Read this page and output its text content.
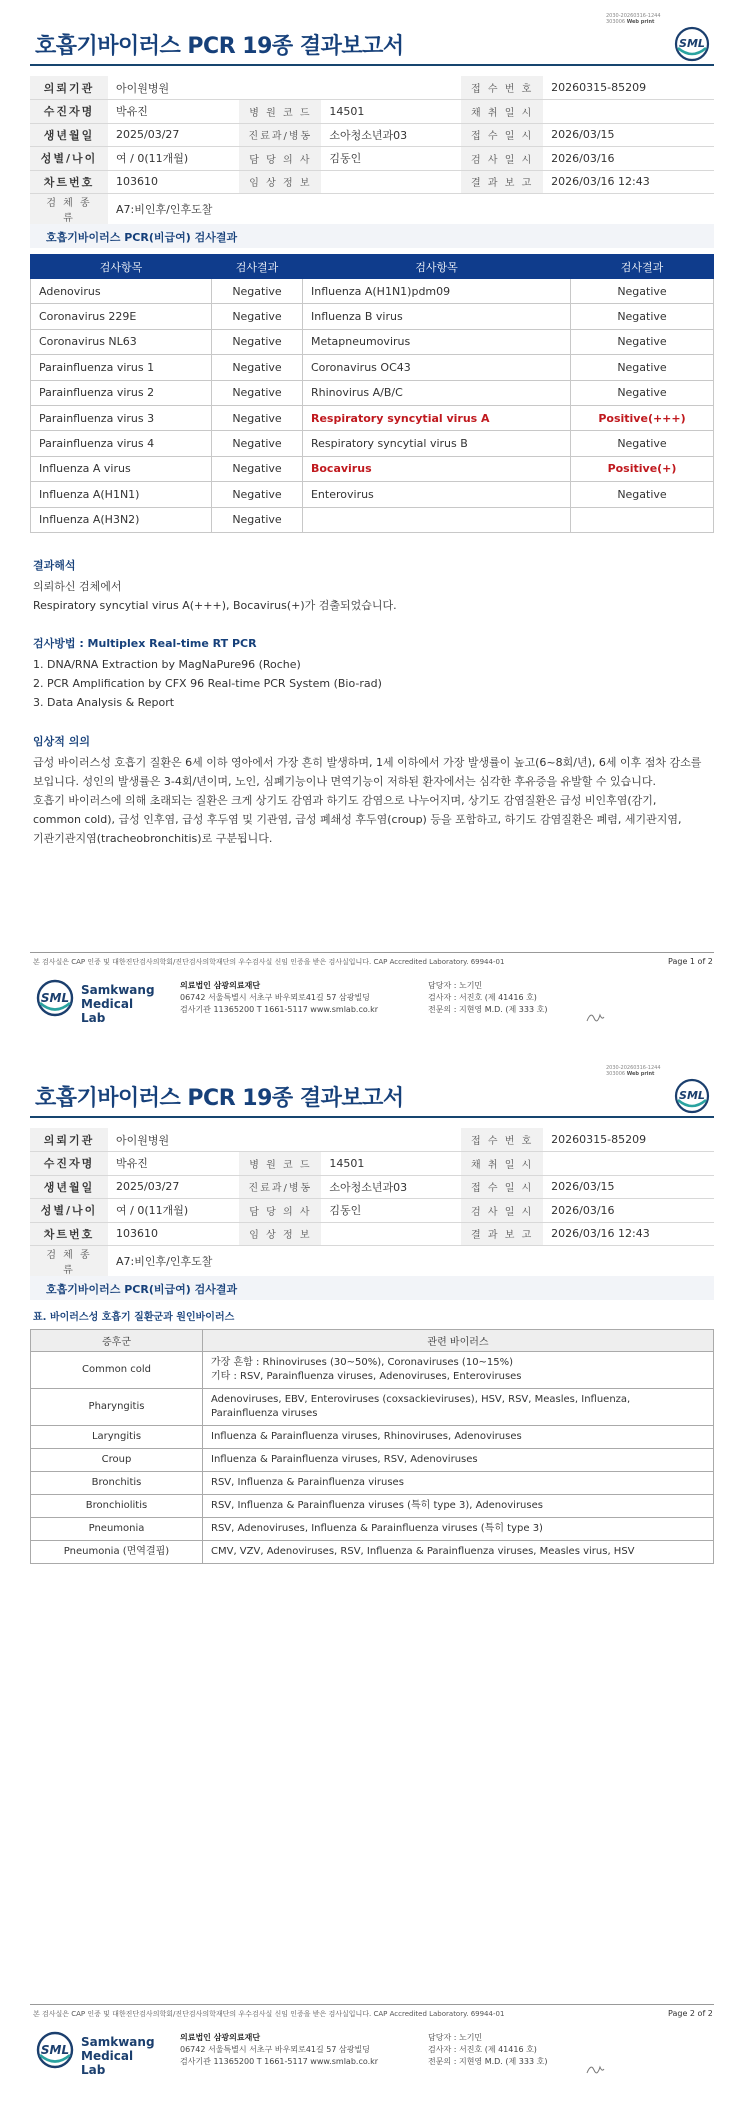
2030-20260316-1244
303006 Web print
호흡기바이러스 PCR 19종 결과보고서	SML
의뢰기관	아이원병원			접 수 번 호	20260315-85209
수진자명	박유진	병 원 코 드	14501	채 취 일 시	
생년월일	2025/03/27	진료과/병동	소아청소년과03	접 수 일 시	2026/03/15
성별/나이	여 / 0(11개월)	담 당 의 사	김동인	검 사 일 시	2026/03/16
차트번호	103610	임 상 정 보		결 과 보 고	2026/03/16 12:43
검 체 종 류	A7:비인후/인후도찰				
호흡기바이러스 PCR(비급여) 검사결과
검사항목	검사결과	검사항목	검사결과
Adenovirus	Negative	Influenza A(H1N1)pdm09	Negative
Coronavirus 229E	Negative	Influenza B virus	Negative
Coronavirus NL63	Negative	Metapneumovirus	Negative
Parainfluenza virus 1	Negative	Coronavirus OC43	Negative
Parainfluenza virus 2	Negative	Rhinovirus A/B/C	Negative
Parainfluenza virus 3	Negative	Respiratory syncytial virus A	Positive(+++)
Parainfluenza virus 4	Negative	Respiratory syncytial virus B	Negative
Influenza A virus	Negative	Bocavirus	Positive(+)
Influenza A(H1N1)	Negative	Enterovirus	Negative
Influenza A(H3N2)	Negative		
결과해석
의뢰하신 검체에서
Respiratory syncytial virus A(+++), Bocavirus(+)가 검출되었습니다.
검사방법 : Multiplex Real-time RT PCR
1. DNA/RNA Extraction by MagNaPure96 (Roche)
2. PCR Amplification by CFX 96 Real-time PCR System (Bio-rad)
3. Data Analysis & Report
임상적 의의
급성 바이러스성 호흡기 질환은 6세 이하 영아에서 가장 흔히 발생하며, 1세 이하에서 가장 발생률이 높고(6~8회/년), 6세 이후 점차 감소를
보입니다. 성인의 발생률은 3-4회/년이며, 노인, 심폐기능이나 면역기능이 저하된 환자에서는 심각한 후유증을 유발할 수 있습니다.
호흡기 바이러스에 의해 초래되는 질환은 크게 상기도 감염과 하기도 감염으로 나누어지며, 상기도 감염질환은 급성 비인후염(감기,
common cold), 급성 인후염, 급성 후두염 및 기관염, 급성 폐쇄성 후두염(croup) 등을 포함하고, 하기도 감염질환은 폐렴, 세기관지염,
기관기관지염(tracheobronchitis)로 구분됩니다.
본 검사실은 CAP 인증 및 대한진단검사의학회/진단검사의학재단의 우수검사실 신임 인증을 받은 검사실입니다. CAP Accredited Laboratory. 69944-01	Page 1 of 2
SML
Samkwang
Medical Lab
의료법인 삼광의료재단
06742 서울특별시 서초구 바우뫼로41길 57 삼광빌딩
검사기관 11365200 T 1661-5117 www.smlab.co.kr
담당자 : 노기민
검사자 : 서진호 (제 41416 호)
전문의 : 지현영 M.D. (제 333 호)
2030-20260316-1244
303006 Web print
호흡기바이러스 PCR 19종 결과보고서	SML
의뢰기관	아이원병원			접 수 번 호	20260315-85209
수진자명	박유진	병 원 코 드	14501	채 취 일 시	
생년월일	2025/03/27	진료과/병동	소아청소년과03	접 수 일 시	2026/03/15
성별/나이	여 / 0(11개월)	담 당 의 사	김동인	검 사 일 시	2026/03/16
차트번호	103610	임 상 정 보		결 과 보 고	2026/03/16 12:43
검 체 종 류	A7:비인후/인후도찰				
호흡기바이러스 PCR(비급여) 검사결과
표. 바이러스성 호흡기 질환군과 원인바이러스
증후군	관련 바이러스
Common cold	가장 흔함 : Rhinoviruses (30~50%), Coronaviruses (10~15%)
기타 : RSV, Parainfluenza viruses, Adenoviruses, Enteroviruses

Pharyngitis	Adenoviruses, EBV, Enteroviruses (coxsackieviruses), HSV, RSV, Measles, Influenza,
Parainfluenza viruses

Laryngitis	Influenza & Parainfluenza viruses, Rhinoviruses, Adenoviruses

Croup	Influenza & Parainfluenza viruses, RSV, Adenoviruses

Bronchitis	RSV, Influenza & Parainfluenza viruses

Bronchiolitis	RSV, Influenza & Parainfluenza viruses (특히 type 3), Adenoviruses

Pneumonia	RSV, Adenoviruses, Influenza & Parainfluenza viruses (특히 type 3)

Pneumonia (면역결핍)	CMV, VZV, Adenoviruses, RSV, Influenza & Parainfluenza viruses, Measles virus, HSV
본 검사실은 CAP 인증 및 대한진단검사의학회/진단검사의학재단의 우수검사실 신임 인증을 받은 검사실입니다. CAP Accredited Laboratory. 69944-01	Page 2 of 2
SML
Samkwang
Medical Lab
의료법인 삼광의료재단
06742 서울특별시 서초구 바우뫼로41길 57 삼광빌딩
검사기관 11365200 T 1661-5117 www.smlab.co.kr
담당자 : 노기민
검사자 : 서진호 (제 41416 호)
전문의 : 지현영 M.D. (제 333 호)
